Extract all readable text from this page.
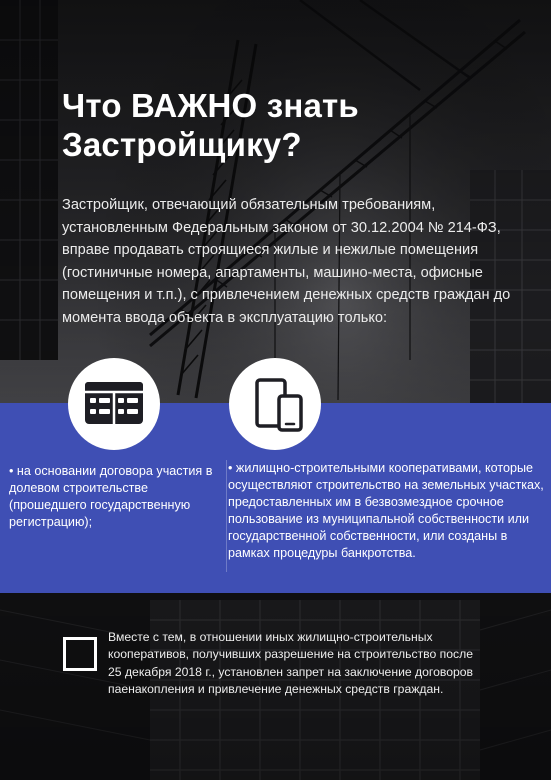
Что ВАЖНО знать
Застройщику?

Застройщик, отвечающий обязательным требованиям, установленным Федеральным законом от 30.12.2004 № 214-ФЗ, вправе продавать строящиеся жилые и нежилые помещения (гостиничные номера, апартаменты, машино-места, офисные помещения и т.п.), с привлечением денежных средств граждан до момента ввода объекта в эксплуатацию только:

• на основании договора участия в долевом строительстве (прошедшего государственную регистрацию);

• жилищно-строительными кооперативами, которые осуществляют строительство на земельных участках, предоставленных им в безвозмездное срочное пользование из муниципальной собственности или государственной собственности, или созданы в рамках процедуры банкротства.

Вместе с тем, в отношении иных жилищно-строительных кооперативов, получивших разрешение на строительство после 25 декабря 2018 г., установлен запрет на заключение договоров паенакопления и привлечение денежных средств граждан.
